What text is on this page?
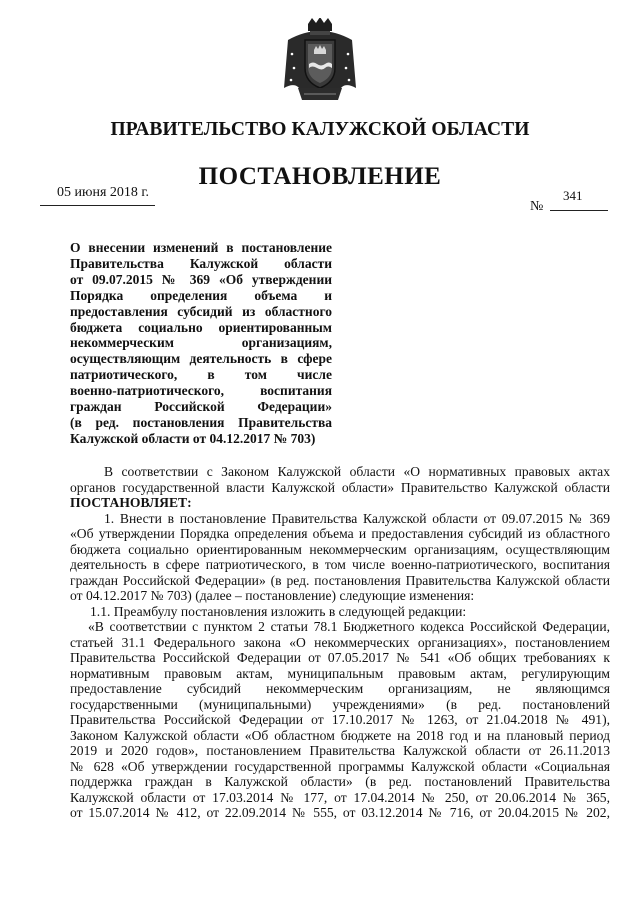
ПРАВИТЕЛЬСТВО КАЛУЖСКОЙ ОБЛАСТИ
ПОСТАНОВЛЕНИЕ
05 июня 2018 г.
№
341
О внесении изменений в постановление
Правительства Калужской области
от 09.07.2015 № 369 «Об утверждении
Порядка определения объема и
предоставления субсидий из областного
бюджета социально ориентированным
некоммерческим организациям,
осуществляющим деятельность в сфере
патриотического, в том числе
военно-патриотического, воспитания
граждан Российской Федерации»
(в ред. постановления Правительства
Калужской области от 04.12.2017 № 703)
В соответствии с Законом Калужской области «О нормативных правовых актах
органов государственной власти Калужской области» Правительство Калужской области
ПОСТАНОВЛЯЕТ:
1. Внести в постановление Правительства Калужской области от 09.07.2015 № 369
«Об утверждении Порядка определения объема и предоставления субсидий из областного
бюджета социально ориентированным некоммерческим организациям, осуществляющим
деятельность в сфере патриотического, в том числе военно-патриотического, воспитания
граждан Российской Федерации» (в ред. постановления Правительства Калужской области
от 04.12.2017 № 703) (далее – постановление) следующие изменения:
1.1. Преамбулу постановления изложить в следующей редакции:
«В соответствии с пунктом 2 статьи 78.1 Бюджетного кодекса Российской Федерации,
статьей 31.1 Федерального закона «О некоммерческих организациях», постановлением
Правительства Российской Федерации от 07.05.2017 № 541 «Об общих требованиях к
нормативным правовым актам, муниципальным правовым актам, регулирующим
предоставление субсидий некоммерческим организациям, не являющимся
государственными (муниципальными) учреждениями» (в ред. постановлений
Правительства Российской Федерации от 17.10.2017 № 1263, от 21.04.2018 № 491),
Законом Калужской области «Об областном бюджете на 2018 год и на плановый период
2019 и 2020 годов», постановлением Правительства Калужской области от 26.11.2013
№ 628 «Об утверждении государственной программы Калужской области «Социальная
поддержка граждан в Калужской области» (в ред. постановлений Правительства
Калужской области от 17.03.2014 № 177, от 17.04.2014 № 250, от 20.06.2014 № 365,
от 15.07.2014 № 412, от 22.09.2014 № 555, от 03.12.2014 № 716, от 20.04.2015 № 202,
